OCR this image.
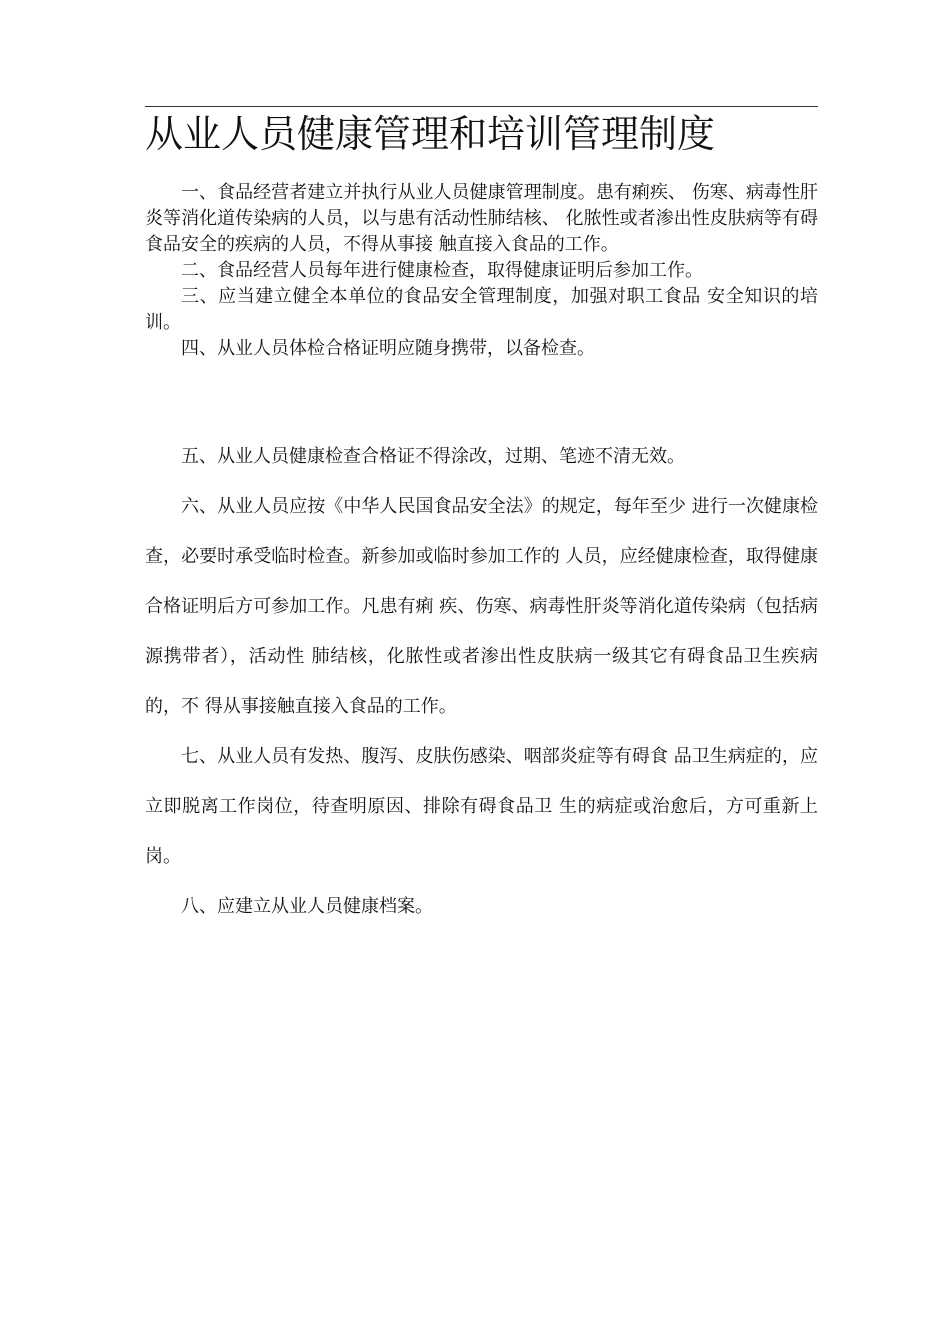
从业人员健康管理和培训管理制度

一、食品经营者建立并执行从业人员健康管理制度。患有痢疾、 伤寒、病毒性肝炎等消化道传染病的人员，以与患有活动性肺结核、 化脓性或者渗出性皮肤病等有碍食品安全的疾病的人员，不得从事接 触直接入食品的工作。

二、食品经营人员每年进行健康检查，取得健康证明后参加工作。

三、应当建立健全本单位的食品安全管理制度，加强对职工食品 安全知识的培训。

四、从业人员体检合格证明应随身携带，以备检查。

五、从业人员健康检查合格证不得涂改，过期、笔迹不清无效。

六、从业人员应按《中华人民国食品安全法》的规定，每年至少 进行一次健康检查，必要时承受临时检查。新参加或临时参加工作的 人员，应经健康检查，取得健康合格证明后方可参加工作。凡患有痢 疾、伤寒、病毒性肝炎等消化道传染病（包括病源携带者），活动性 肺结核，化脓性或者渗出性皮肤病一级其它有碍食品卫生疾病的，不 得从事接触直接入食品的工作。

七、从业人员有发热、腹泻、皮肤伤感染、咽部炎症等有碍食 品卫生病症的，应立即脱离工作岗位，待查明原因、排除有碍食品卫 生的病症或治愈后，方可重新上岗。

八、应建立从业人员健康档案。
